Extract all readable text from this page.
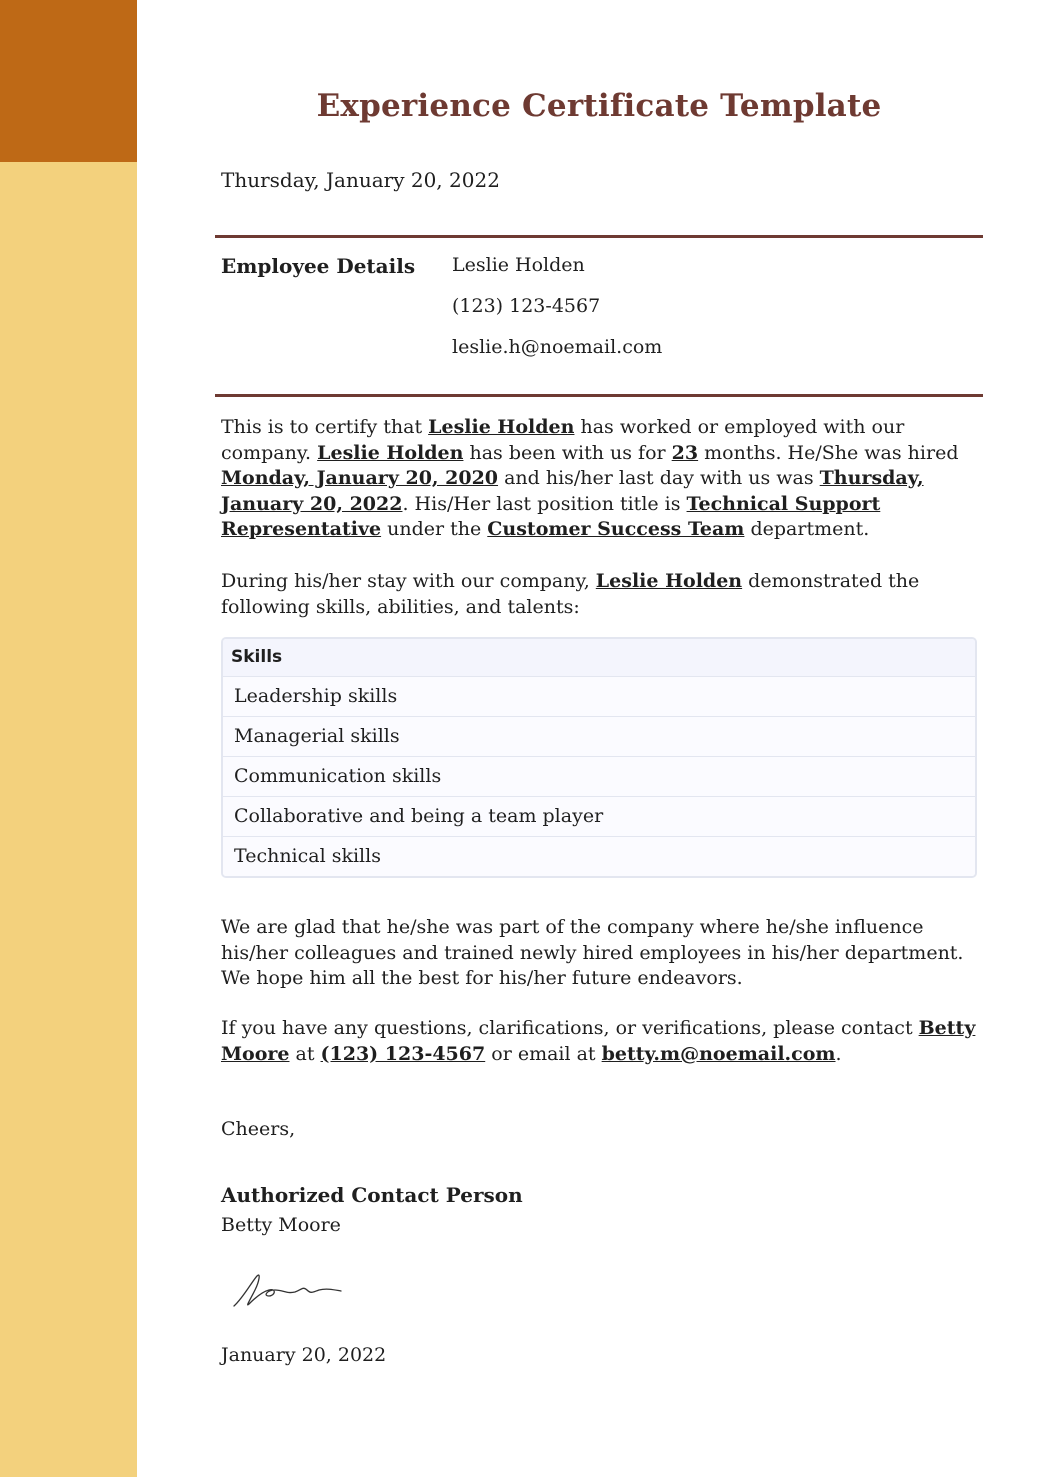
Experience Certificate Template
Thursday, January 20, 2022
Employee Details Leslie Holden
(123) 123-4567
leslie.h@noemail.com

This is to certify that Leslie Holden has worked or employed with our company. Leslie Holden has been with us for 23 months. He/She was hired Monday, January 20, 2020 and his/her last day with us was Thursday, January 20, 2022. His/Her last position title is Technical Support Representative under the Customer Success Team department.

During his/her stay with our company, Leslie Holden demonstrated the following skills, abilities, and talents:

Skills
Leadership skills
Managerial skills
Communication skills
Collaborative and being a team player
Technical skills

We are glad that he/she was part of the company where he/she influence his/her colleagues and trained newly hired employees in his/her department. We hope him all the best for his/her future endeavors.

If you have any questions, clarifications, or verifications, please contact Betty Moore at (123) 123-4567 or email at betty.m@noemail.com.

Cheers,
Authorized Contact Person
Betty Moore
January 20, 2022
